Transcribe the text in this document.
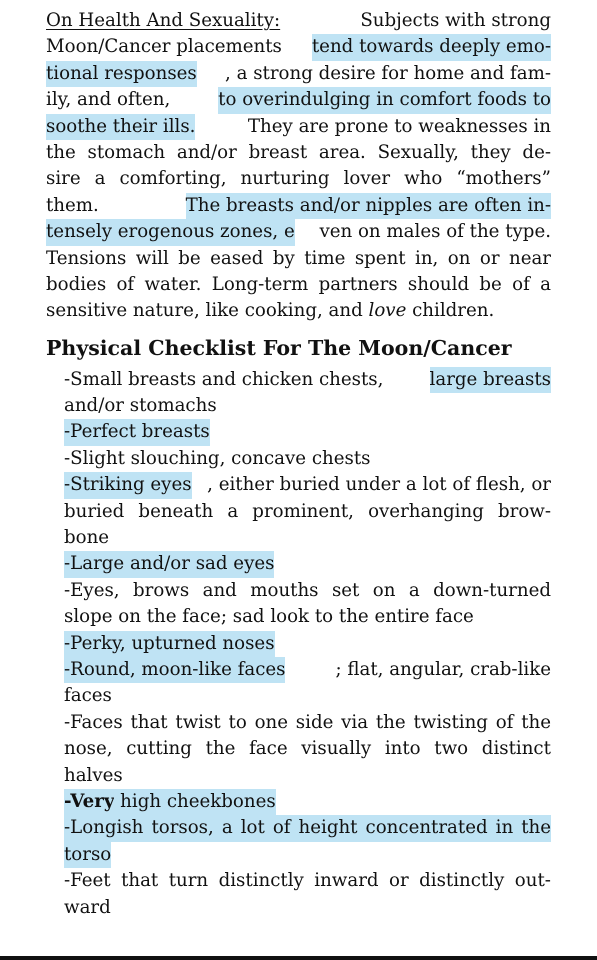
On Health And Sexuality:	Subjects with strong
Moon/Cancer placements tend towards deeply emo-
tional responses , a strong desire for home and fam-
ily, and often,	to overindulging in comfort foods to
soothe their ills.	They are prone to weaknesses in
the stomach and/or breast area. Sexually, they de-
sire a comforting, nurturing lover who “mothers”
them.	The breasts and/or nipples are often in-
tensely erogenous zones, e ven on males of the type.
Tensions will be eased by time spent in, on or near
bodies of water. Long-term partners should be of a
sensitive nature, like cooking, and love children.
Physical Checklist For The Moon/Cancer
-Small breasts and chicken chests,	large breasts
and/or stomachs
-Perfect breasts
-Slight slouching, concave chests
-Striking eyes , either buried under a lot of flesh, or
buried beneath a prominent, overhanging brow-
bone
-Large and/or sad eyes
-Eyes, brows and mouths set on a down-turned
slope on the face; sad look to the entire face
-Perky, upturned noses
-Round, moon-like faces	; flat, angular, crab-like
faces
-Faces that twist to one side via the twisting of the
nose, cutting the face visually into two distinct
halves
-Very high cheekbones
-Longish torsos, a lot of height concentrated in the
torso
-Feet that turn distinctly inward or distinctly out-
ward
